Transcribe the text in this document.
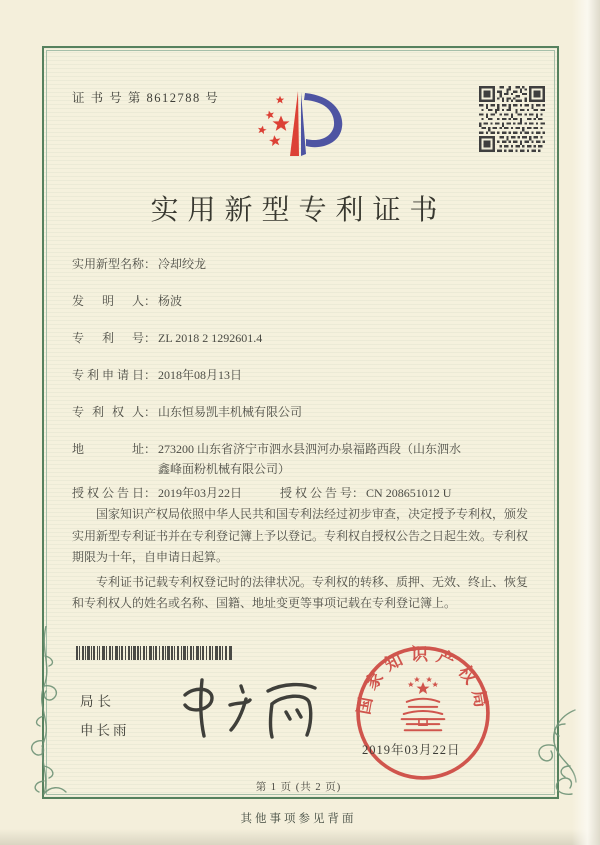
证 书 号 第 8612788 号
实用新型专利证书
实用新型名称 ： 冷却绞龙
发明人 ： 杨波
专利号 ： ZL 2018 2 1292601.4
专利申请日 ： 2018年08月13日
专利权人 ： 山东恒易凯丰机械有限公司
地址 ： 273200 山东省济宁市泗水县泗河办泉福路西段（山东泗水鑫峰面粉机械有限公司）
授权公告日 ： 2019年03月22日	授权公告号 ： CN 208651012 U

国家知识产权局依照中华人民共和国专利法经过初步审查，决定授予专利权，颁发实用新型专利证书并在专利登记簿上予以登记。专利权自授权公告之日起生效。专利权期限为十年，自申请日起算。

专利证书记载专利权登记时的法律状况。专利权的转移、质押、无效、终止、恢复和专利权人的姓名或名称、国籍、地址变更等事项记载在专利登记簿上。

局长
申长雨
国家知识产权局
2019年03月22日
第 1 页 (共 2 页)
其他事项参见背面
